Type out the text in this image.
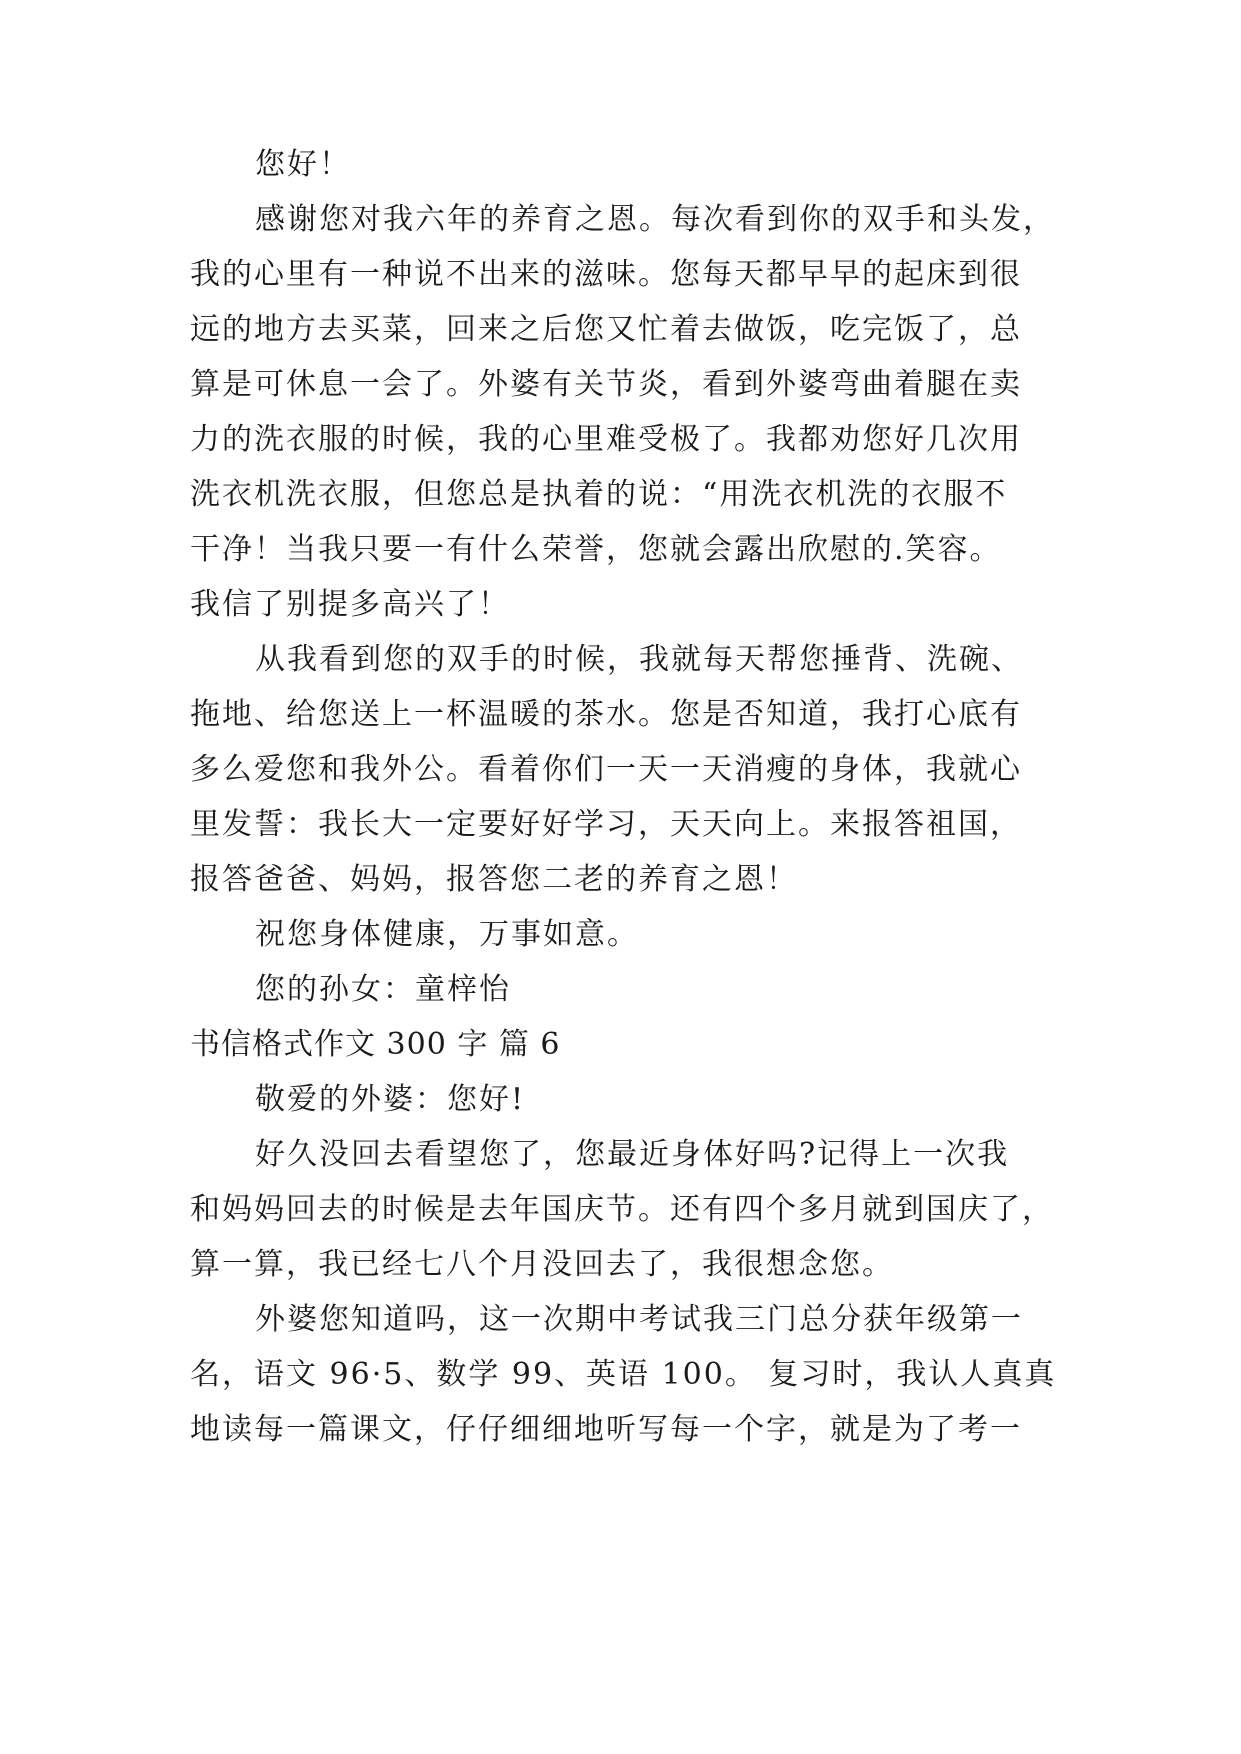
您好！
感谢您对我六年的养育之恩。每次看到你的双手和头发，
我的心里有一种说不出来的滋味。您每天都早早的起床到很
远的地方去买菜，回来之后您又忙着去做饭，吃完饭了，总
算是可休息一会了。外婆有关节炎，看到外婆弯曲着腿在卖
力的洗衣服的时候，我的心里难受极了。我都劝您好几次用
洗衣机洗衣服，但您总是执着的说：“用洗衣机洗的衣服不
干净！当我只要一有什么荣誉，您就会露出欣慰的.笑容。
我信了别提多高兴了！
从我看到您的双手的时候，我就每天帮您捶背、洗碗、
拖地、给您送上一杯温暖的茶水。您是否知道，我打心底有
多么爱您和我外公。看着你们一天一天消瘦的身体，我就心
里发誓：我长大一定要好好学习，天天向上。来报答祖国，
报答爸爸、妈妈，报答您二老的养育之恩！
祝您身体健康，万事如意。
您的孙女：童梓怡
书信格式作文 300 字 篇 6
敬爱的外婆：您好!
好久没回去看望您了，您最近身体好吗?记得上一次我
和妈妈回去的时候是去年国庆节。还有四个多月就到国庆了，
算一算，我已经七八个月没回去了，我很想念您。
外婆您知道吗，这一次期中考试我三门总分获年级第一
名，语文 96·5、数学 99、英语 100。 复习时，我认人真真
地读每一篇课文，仔仔细细地听写每一个字，就是为了考一
